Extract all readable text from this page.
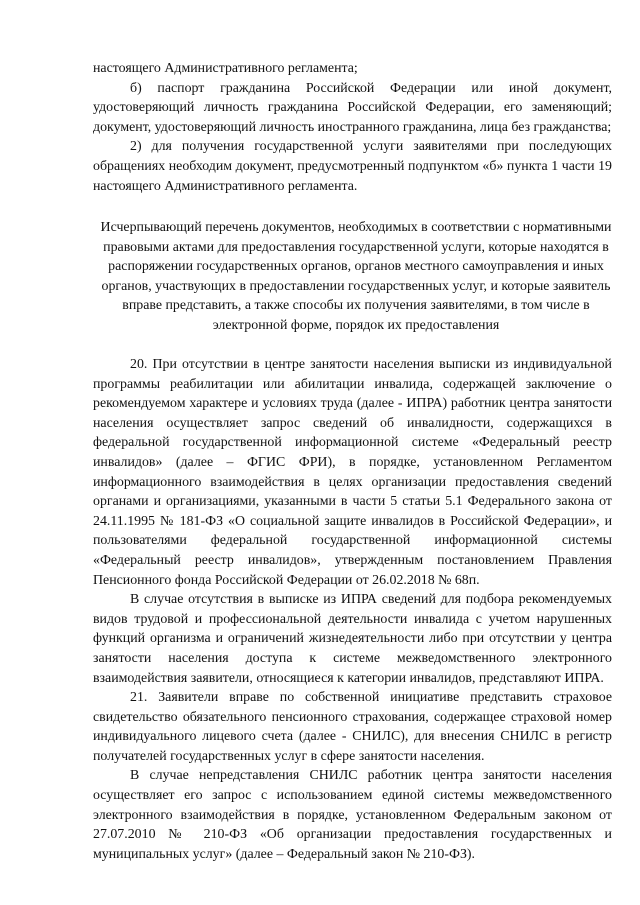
настоящего Административного регламента;

б) паспорт гражданина Российской Федерации или иной документ, удостоверяющий личность гражданина Российской Федерации, его заменяющий; документ, удостоверяющий личность иностранного гражданина, лица без гражданства;

2) для получения государственной услуги заявителями при последующих обращениях необходим документ, предусмотренный подпунктом «б» пункта 1 части 19 настоящего Административного регламента.

Исчерпывающий перечень документов, необходимых в соответствии с нормативными правовыми актами для предоставления государственной услуги, которые находятся в распоряжении государственных органов, органов местного самоуправления и иных органов, участвующих в предоставлении государственных услуг, и которые заявитель вправе представить, а также способы их получения заявителями, в том числе в электронной форме, порядок их предоставления

20. При отсутствии в центре занятости населения выписки из индивидуальной программы реабилитации или абилитации инвалида, содержащей заключение о рекомендуемом характере и условиях труда (далее - ИПРА) работник центра занятости населения осуществляет запрос сведений об инвалидности, содержащихся в федеральной государственной информационной системе «Федеральный реестр инвалидов» (далее – ФГИС ФРИ), в порядке, установленном Регламентом информационного взаимодействия в целях организации предоставления сведений органами и организациями, указанными в части 5 статьи 5.1 Федерального закона от 24.11.1995 № 181-ФЗ «О социальной защите инвалидов в Российской Федерации», и пользователями федеральной государственной информационной системы «Федеральный реестр инвалидов», утвержденным постановлением Правления Пенсионного фонда Российской Федерации от 26.02.2018 № 68п.

В случае отсутствия в выписке из ИПРА сведений для подбора рекомендуемых видов трудовой и профессиональной деятельности инвалида с учетом нарушенных функций организма и ограничений жизнедеятельности либо при отсутствии у центра занятости населения доступа к системе межведомственного электронного взаимодействия заявители, относящиеся к категории инвалидов, представляют ИПРА.

21. Заявители вправе по собственной инициативе представить страховое свидетельство обязательного пенсионного страхования, содержащее страховой номер индивидуального лицевого счета (далее - СНИЛС), для внесения СНИЛС в регистр получателей государственных услуг в сфере занятости населения.

В случае непредставления СНИЛС работник центра занятости населения осуществляет его запрос с использованием единой системы межведомственного электронного взаимодействия в порядке, установленном Федеральным законом от 27.07.2010 № 210-ФЗ «Об организации предоставления государственных и муниципальных услуг» (далее – Федеральный закон № 210-ФЗ).
